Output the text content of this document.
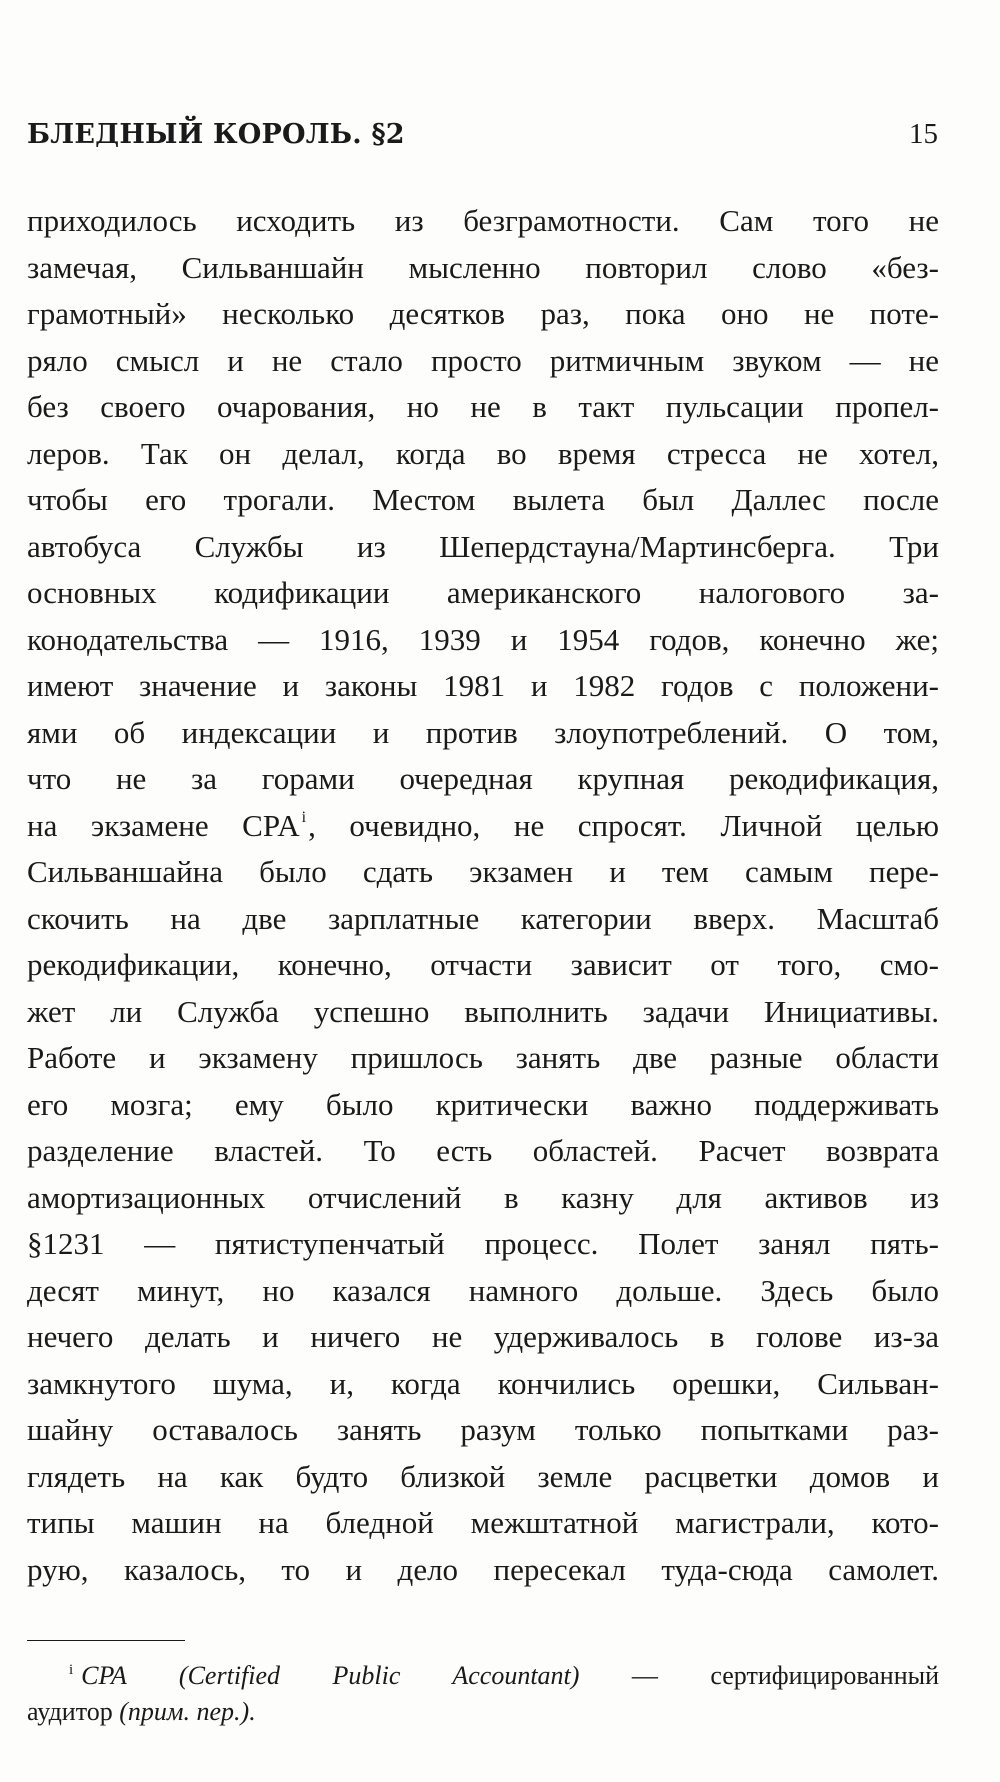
БЛЕДНЫЙ КОРОЛЬ. §2	15
приходилось исходить из безграмотности. Сам того не
замечая, Сильваншайн мысленно повторил слово «без-
грамотный» несколько десятков раз, пока оно не поте-
ряло смысл и не стало просто ритмичным звуком — не
без своего очарования, но не в такт пульсации пропел-
леров. Так он делал, когда во время стресса не хотел,
чтобы его трогали. Местом вылета был Даллес после
автобуса Службы из Шепердстауна/Мартинсберга. Три
основных кодификации американского налогового за-
конодательства — 1916, 1939 и 1954 годов, конечно же;
имеют значение и законы 1981 и 1982 годов с положени-
ями об индексации и против злоупотреблений. О том,
что не за горами очередная крупная рекодификация,
на экзамене CPA $^i$, очевидно, не спросят. Личной целью
Сильваншайна было сдать экзамен и тем самым пере-
скочить на две зарплатные категории вверх. Масштаб
рекодификации, конечно, отчасти зависит от того, смо-
жет ли Служба успешно выполнить задачи Инициативы.
Работе и экзамену пришлось занять две разные области
его мозга; ему было критически важно поддерживать
разделение властей. То есть областей. Расчет возврата
амортизационных отчислений в казну для активов из
§1231 — пятиступенчатый процесс. Полет занял пять-
десят минут, но казался намного дольше. Здесь было
нечего делать и ничего не удерживалось в голове из-за
замкнутого шума, и, когда кончились орешки, Сильван-
шайну оставалось занять разум только попытками раз-
глядеть на как будто близкой земле расцветки домов и
типы машин на бледной межштатной магистрали, кото-
рую, казалось, то и дело пересекал туда-сюда самолет.
$^i$ CPA (Certified Public Accountant) — сертифицированный
аудитор (прим. пер.).
